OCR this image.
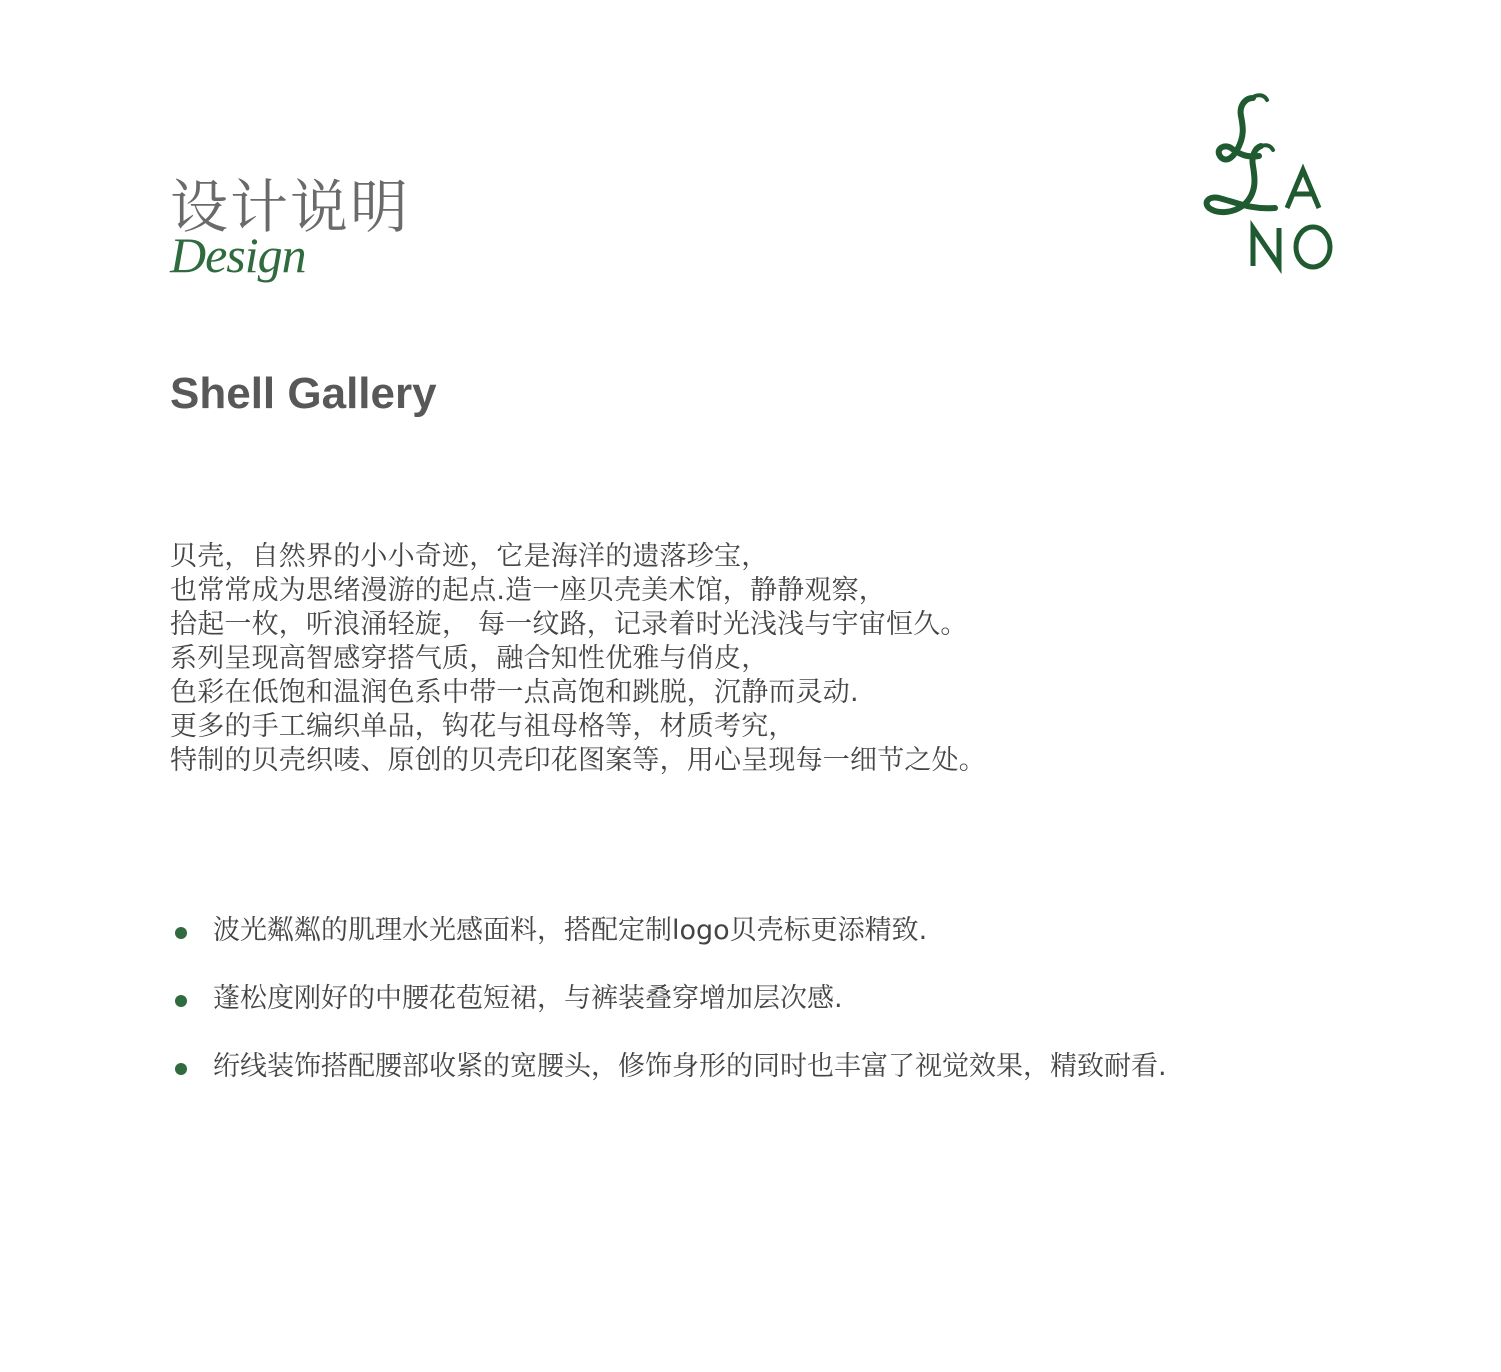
设计说明
Design
Shell Gallery
贝壳，自然界的小小奇迹，它是海洋的遗落珍宝，
也常常成为思绪漫游的起点.造一座贝壳美术馆，静静观察，
拾起一枚，听浪涌轻旋， 每一纹路，记录着时光浅浅与宇宙恒久。
系列呈现高智感穿搭气质，融合知性优雅与俏皮，
色彩在低饱和温润色系中带一点高饱和跳脱，沉静而灵动.
更多的手工编织单品，钩花与祖母格等，材质考究，
特制的贝壳织唛、原创的贝壳印花图案等，用心呈现每一细节之处。
波光粼粼的肌理水光感面料，搭配定制logo贝壳标更添精致.
蓬松度刚好的中腰花苞短裙，与裤装叠穿增加层次感.
绗线装饰搭配腰部收紧的宽腰头，修饰身形的同时也丰富了视觉效果，精致耐看.
